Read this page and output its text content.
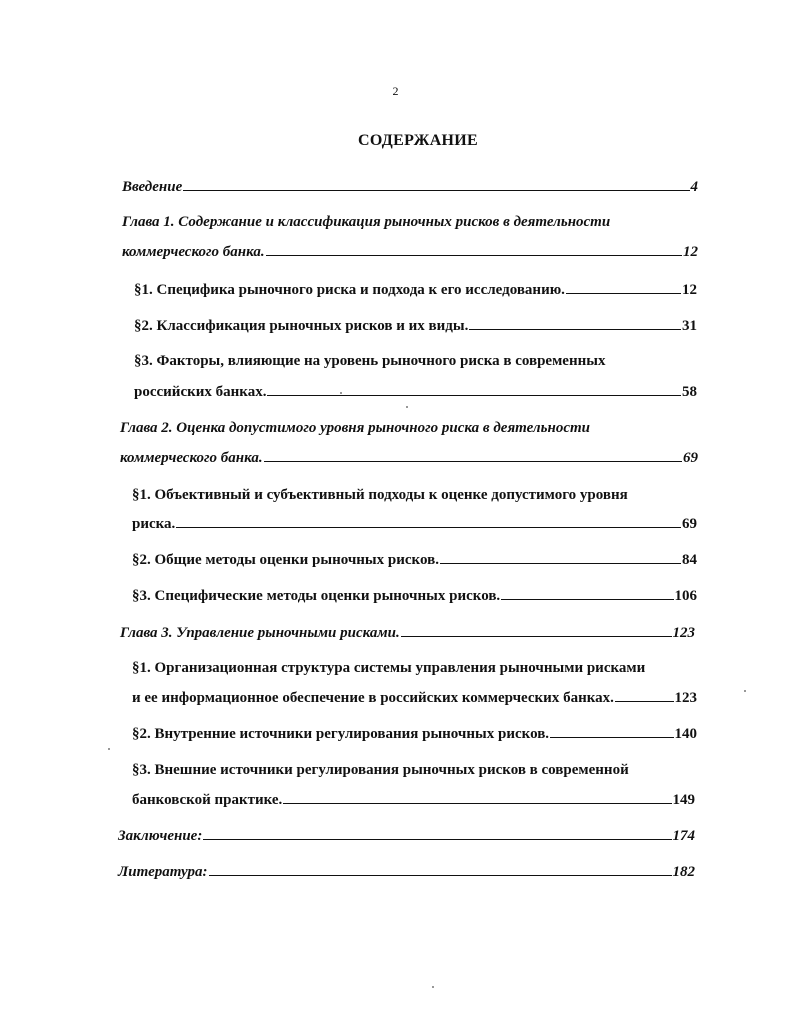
2
СОДЕРЖАНИЕ
Введение	4
Глава 1. Содержание и классификация рыночных рисков в деятельности
коммерческого банка.	12
§1. Специфика рыночного риска и подхода к его исследованию.	12
§2. Классификация рыночных рисков и их виды.	31
§3. Факторы, влияющие на уровень рыночного риска в современных
российских банках.	58
Глава 2. Оценка допустимого уровня рыночного риска в деятельности
коммерческого банка.	69
§1. Объективный и субъективный подходы к оценке допустимого уровня
риска.	69
§2. Общие методы оценки рыночных рисков.	84
§3. Специфические методы оценки рыночных рисков.	106
Глава 3. Управление рыночными рисками.	123
§1. Организационная структура системы управления рыночными рисками
и ее информационное обеспечение в российских коммерческих банках.	123
§2. Внутренние источники регулирования рыночных рисков.	140
§3. Внешние источники регулирования рыночных рисков в современной
банковской практике.	149
Заключение:	174
Литература:	182
